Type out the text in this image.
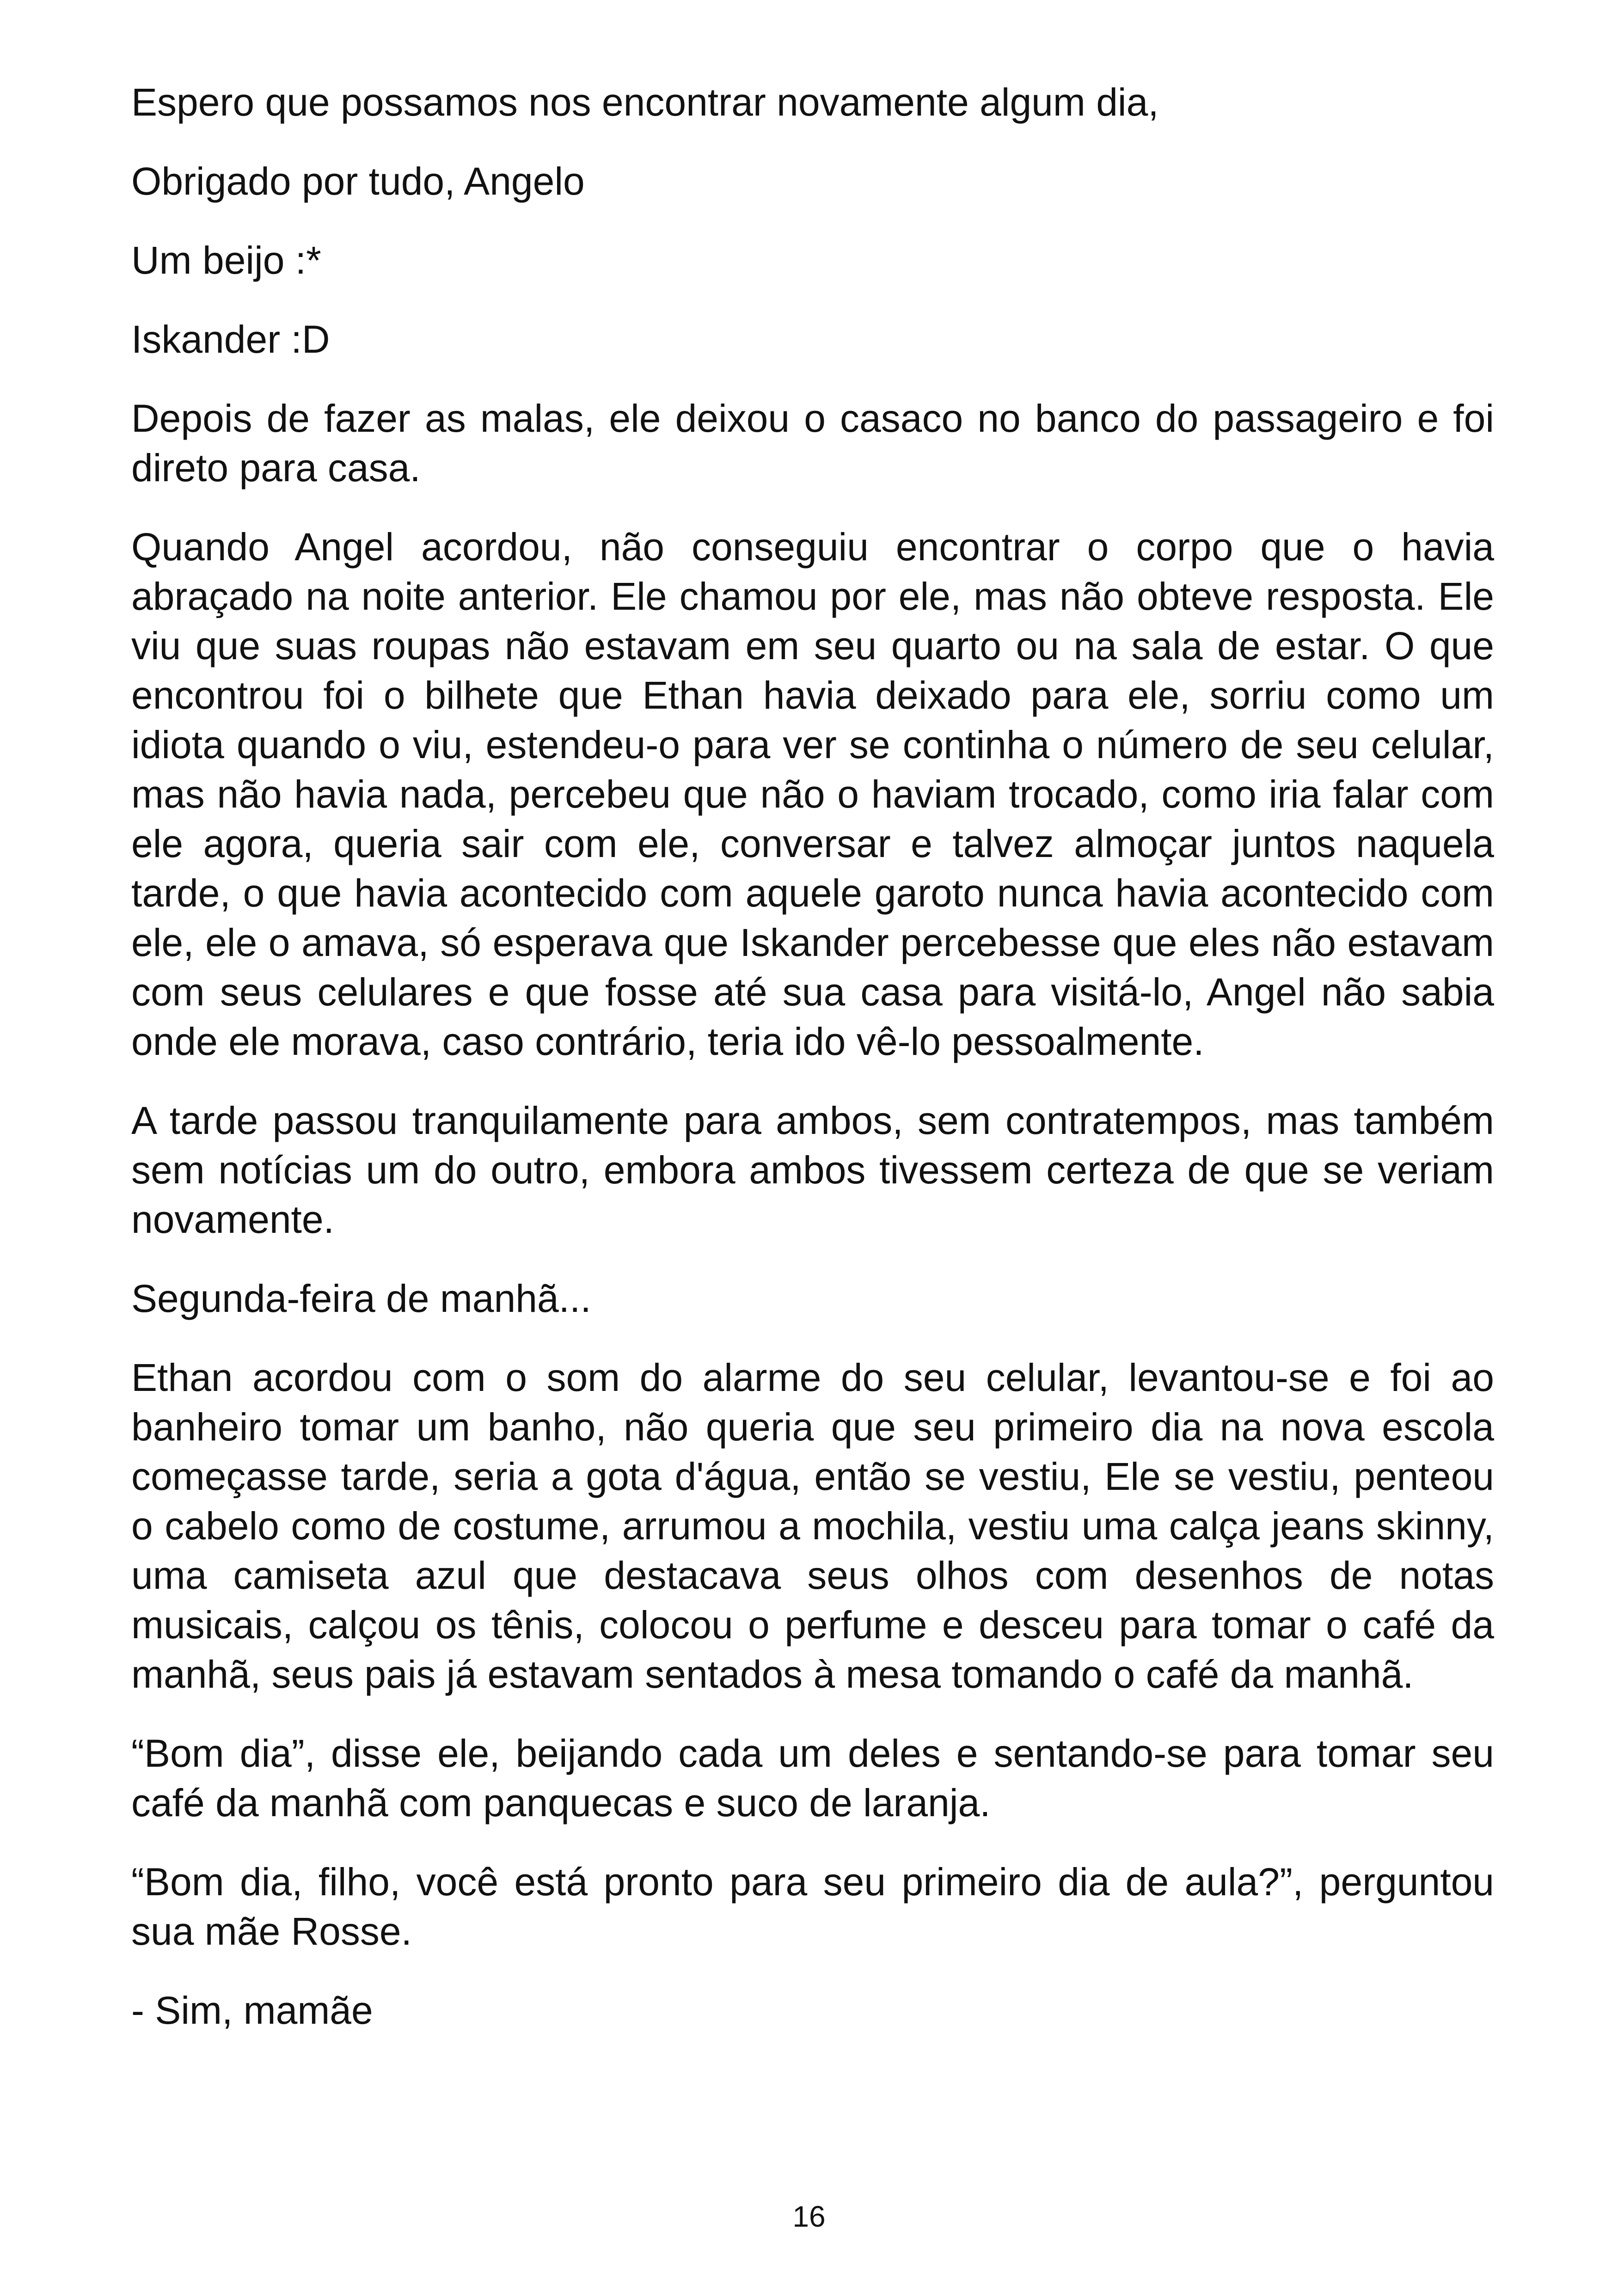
Espero que possamos nos encontrar novamente algum dia,

Obrigado por tudo, Angelo

Um beijo :*

Iskander :D

Depois de fazer as malas, ele deixou o casaco no banco do passageiro e foi direto para casa.

Quando Angel acordou, não conseguiu encontrar o corpo que o havia abraçado na noite anterior. Ele chamou por ele, mas não obteve resposta. Ele viu que suas roupas não estavam em seu quarto ou na sala de estar. O que encontrou foi o bilhete que Ethan havia deixado para ele, sorriu como um idiota quando o viu, estendeu-o para ver se continha o número de seu celular, mas não havia nada, percebeu que não o haviam trocado, como iria falar com ele agora, queria sair com ele, conversar e talvez almoçar juntos naquela tarde, o que havia acontecido com aquele garoto nunca havia acontecido com ele, ele o amava, só esperava que Iskander percebesse que eles não estavam com seus celulares e que fosse até sua casa para visitá-lo, Angel não sabia onde ele morava, caso contrário, teria ido vê-lo pessoalmente.

A tarde passou tranquilamente para ambos, sem contratempos, mas também sem notícias um do outro, embora ambos tivessem certeza de que se veriam novamente.

Segunda-feira de manhã...

Ethan acordou com o som do alarme do seu celular, levantou-se e foi ao banheiro tomar um banho, não queria que seu primeiro dia na nova escola começasse tarde, seria a gota d'água, então se vestiu, Ele se vestiu, penteou o cabelo como de costume, arrumou a mochila, vestiu uma calça jeans skinny, uma camiseta azul que destacava seus olhos com desenhos de notas musicais, calçou os tênis, colocou o perfume e desceu para tomar o café da manhã, seus pais já estavam sentados à mesa tomando o café da manhã.

“Bom dia”, disse ele, beijando cada um deles e sentando-se para tomar seu café da manhã com panquecas e suco de laranja.

“Bom dia, filho, você está pronto para seu primeiro dia de aula?”, perguntou sua mãe Rosse.

- Sim, mamãe

16
